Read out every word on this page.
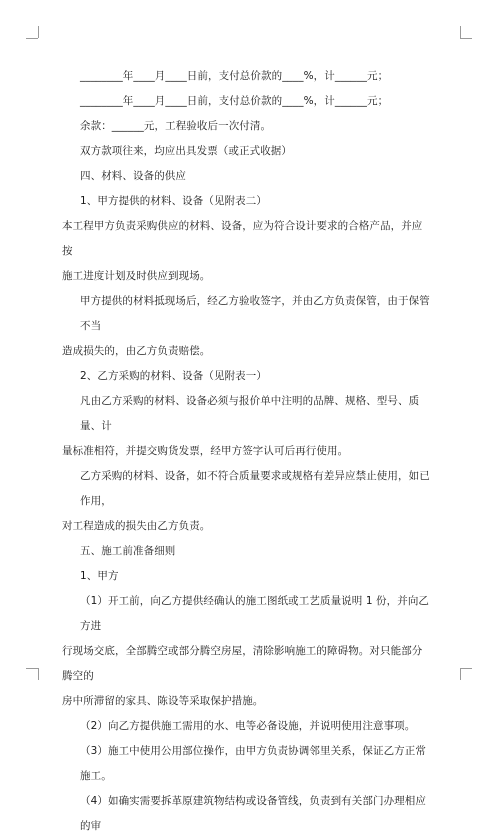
________年____月____日前，支付总价款的____%，计______元；

________年____月____日前，支付总价款的____%，计______元；

余款：______元，工程验收后一次付清。

双方款项往来，均应出具发票（或正式收据）

四、材料、设备的供应

1、甲方提供的材料、设备（见附表二）

本工程甲方负责采购供应的材料、设备，应为符合设计要求的合格产品，并应按

施工进度计划及时供应到现场。

甲方提供的材料抵现场后，经乙方验收签字，并由乙方负责保管，由于保管不当

造成损失的，由乙方负责赔偿。

2、乙方采购的材料、设备（见附表一）

凡由乙方采购的材料、设备必须与报价单中注明的品牌、规格、型号、质量、计

量标准相符，并提交购货发票，经甲方签字认可后再行使用。

乙方采购的材料、设备，如不符合质量要求或规格有差异应禁止使用，如已作用，

对工程造成的损失由乙方负责。

五、施工前准备细则

1、甲方

（1）开工前，向乙方提供经确认的施工图纸或工艺质量说明 1 份，并向乙方进

行现场交底，全部腾空或部分腾空房屋，清除影响施工的障碍物。对只能部分腾空的

房中所滞留的家具、陈设等采取保护措施。

（2）向乙方提供施工需用的水、电等必备设施，并说明使用注意事项。

（3）施工中使用公用部位操作，由甲方负责协调邻里关系，保证乙方正常施工。

（4）如确实需要拆革原建筑物结构或设备管线，负责到有关部门办理相应的审
